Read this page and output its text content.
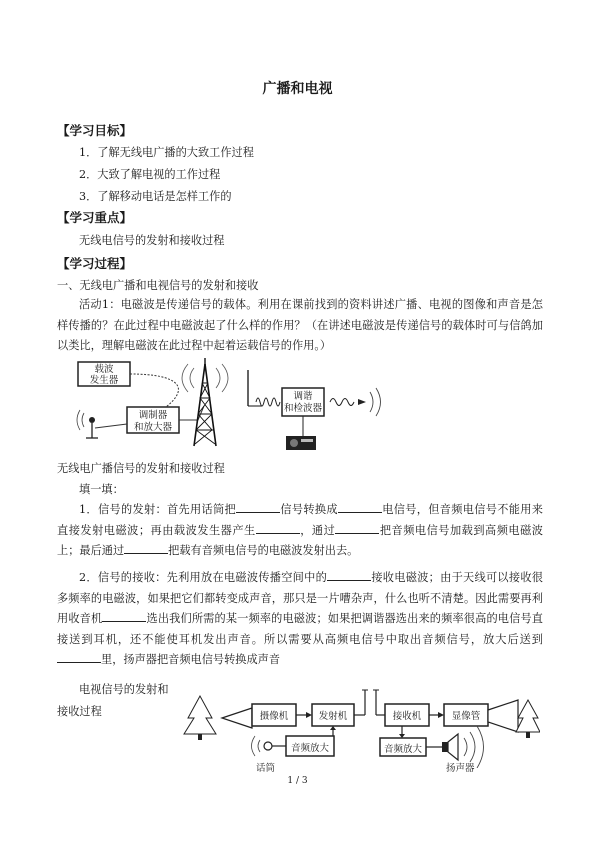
广播和电视
【学习目标】
1．了解无线电广播的大致工作过程
2．大致了解电视的工作过程
3．了解移动电话是怎样工作的
【学习重点】
无线电信号的发射和接收过程
【学习过程】
一、无线电广播和电视信号的发射和接收

活动1：电磁波是传递信号的载体。利用在课前找到的资料讲述广播、电视的图像和声音是怎样传播的？在此过程中电磁波起了什么样的作用？（在讲述电磁波是传递信号的载体时可与信鸽加以类比，理解电磁波在此过程中起着运载信号的作用。）

载波
发生器
调制器
和放大器
调谐
和检波器
无线电广播信号的发射和接收过程
填一填：

1．信号的发射：首先用话筒把	信号转换成	电信号，但音频电信号不能用来直接发射电磁波；再由载波发生器产生	，通过	把音频电信号加载到高频电磁波上；最后通过	把载有音频电信号的电磁波发射出去。

2．信号的接收：先利用放在电磁波传播空间中的	接收电磁波；由于天线可以接收很多频率的电磁波，如果把它们都转变成声音，那只是一片嘈杂声，什么也听不清楚。因此需要再利用收音机	选出我们所需的某一频率的电磁波；如果把调谐器选出来的频率很高的电信号直接送到耳机，还不能使耳机发出声音。所以需要从高频电信号中取出音频信号，放大后送到里，扬声器把音频电信号转换成声音

电视信号的发射和
接收过程	摄像机	发射机
音频放大
话筒
接收机	显像管
音频放大
扬声器
1 / 3
